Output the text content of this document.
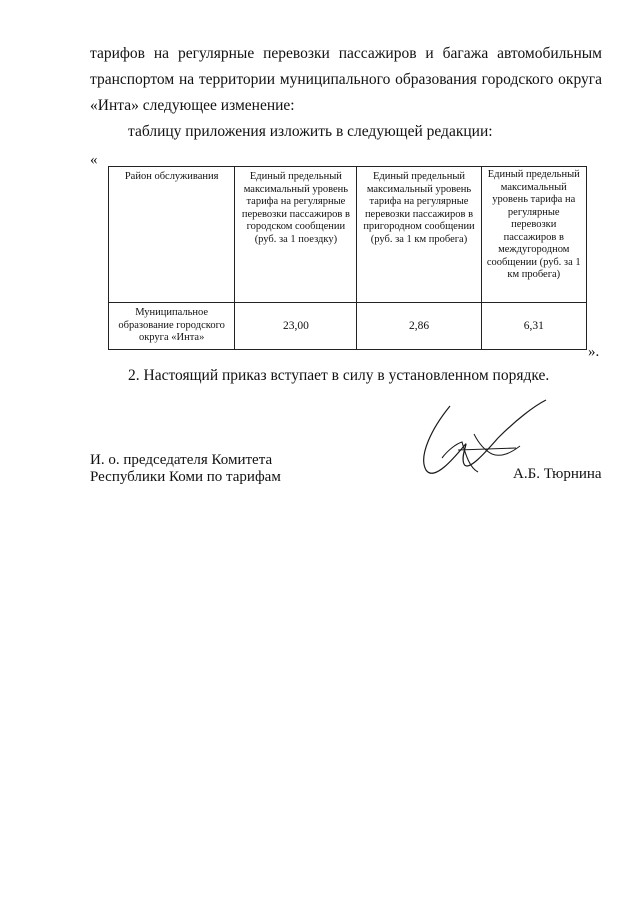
тарифов на регулярные перевозки пассажиров и багажа автомобильным

транспортом на территории муниципального образования городского округа

«Инта» следующее изменение:

таблицу приложения изложить в следующей редакции:

«
Район обслуживания	Единый предельный максимальный уровень тарифа на регулярные перевозки пассажиров в городском сообщении (руб. за 1 поездку)	Единый предельный максимальный уровень тарифа на регулярные перевозки пассажиров в пригородном сообщении (руб. за 1 км пробега)	Единый предельный максимальный уровень тарифа на регулярные перевозки пассажиров в междугородном сообщении (руб. за 1 км пробега)
Муниципальное образование городского округа «Инта»	23,00	2,86	6,31
».

2. Настоящий приказ вступает в силу в установленном порядке.

И. о. председателя Комитета
Республики Коми по тарифам	А.Б. Тюрнина
